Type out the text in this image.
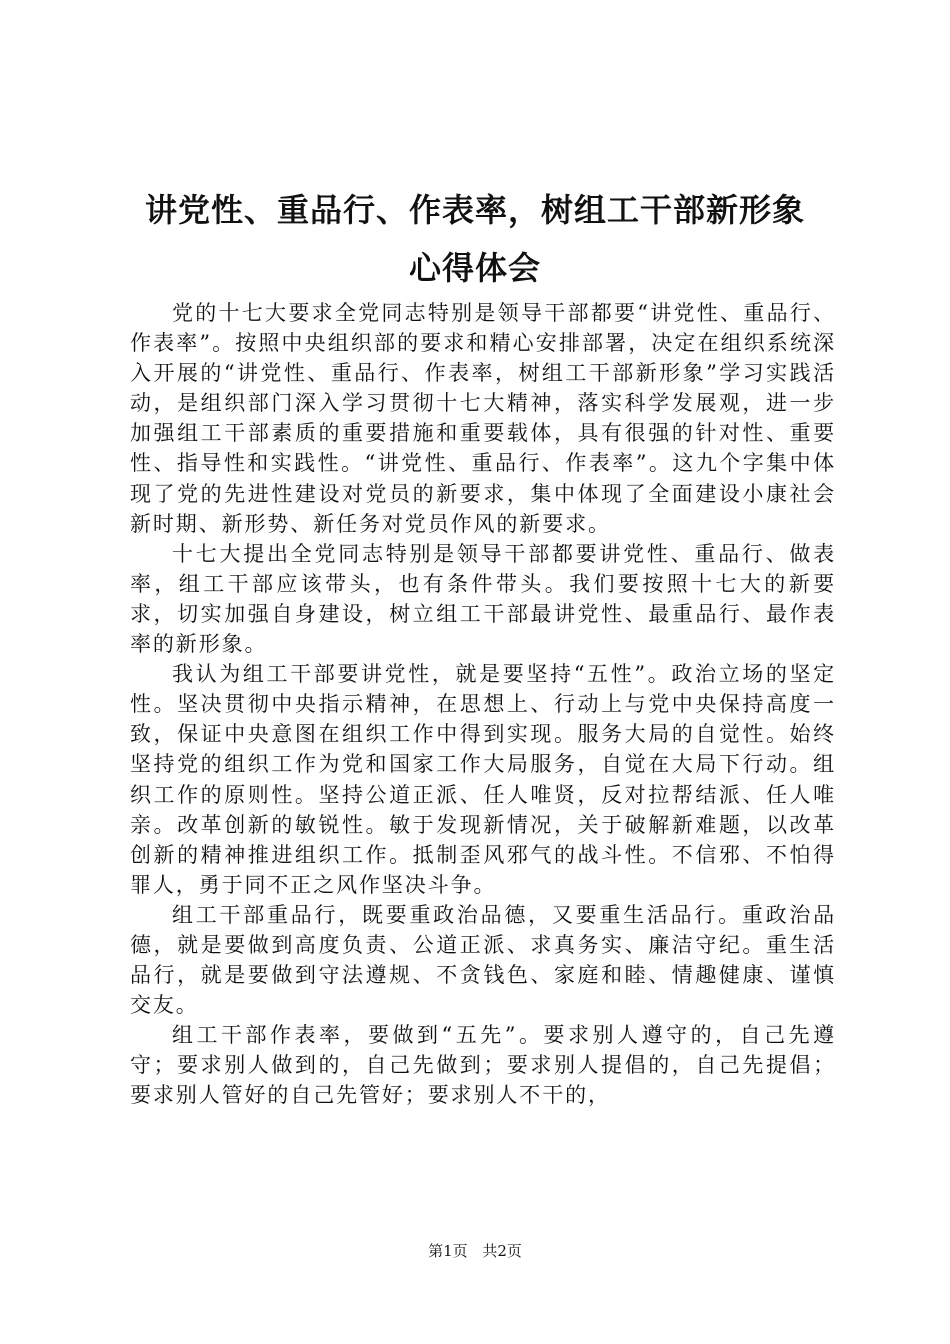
讲党性、重品行、作表率，树组工干部新形象
心得体会

党的十七大要求全党同志特别是领导干部都要“讲党性、重品行、作表率”。按照中央组织部的要求和精心安排部署，决定在组织系统深入开展的“讲党性、重品行、作表率，树组工干部新形象”学习实践活动，是组织部门深入学习贯彻十七大精神，落实科学发展观，进一步加强组工干部素质的重要措施和重要载体，具有很强的针对性、重要性、指导性和实践性。“讲党性、重品行、作表率”。这九个字集中体现了党的先进性建设对党员的新要求，集中体现了全面建设小康社会新时期、新形势、新任务对党员作风的新要求。

十七大提出全党同志特别是领导干部都要讲党性、重品行、做表率，组工干部应该带头，也有条件带头。我们要按照十七大的新要求，切实加强自身建设，树立组工干部最讲党性、最重品行、最作表率的新形象。

我认为组工干部要讲党性，就是要坚持“五性”。政治立场的坚定性。坚决贯彻中央指示精神，在思想上、行动上与党中央保持高度一致，保证中央意图在组织工作中得到实现。服务大局的自觉性。始终坚持党的组织工作为党和国家工作大局服务，自觉在大局下行动。组织工作的原则性。坚持公道正派、任人唯贤，反对拉帮结派、任人唯亲。改革创新的敏锐性。敏于发现新情况，关于破解新难题，以改革创新的精神推进组织工作。抵制歪风邪气的战斗性。不信邪、不怕得罪人，勇于同不正之风作坚决斗争。

组工干部重品行，既要重政治品德，又要重生活品行。重政治品德，就是要做到高度负责、公道正派、求真务实、廉洁守纪。重生活品行，就是要做到守法遵规、不贪钱色、家庭和睦、情趣健康、谨慎交友。

组工干部作表率，要做到“五先”。要求别人遵守的，自己先遵守；要求别人做到的，自己先做到；要求别人提倡的，自己先提倡；要求别人管好的自己先管好；要求别人不干的，

第1页 共2页
